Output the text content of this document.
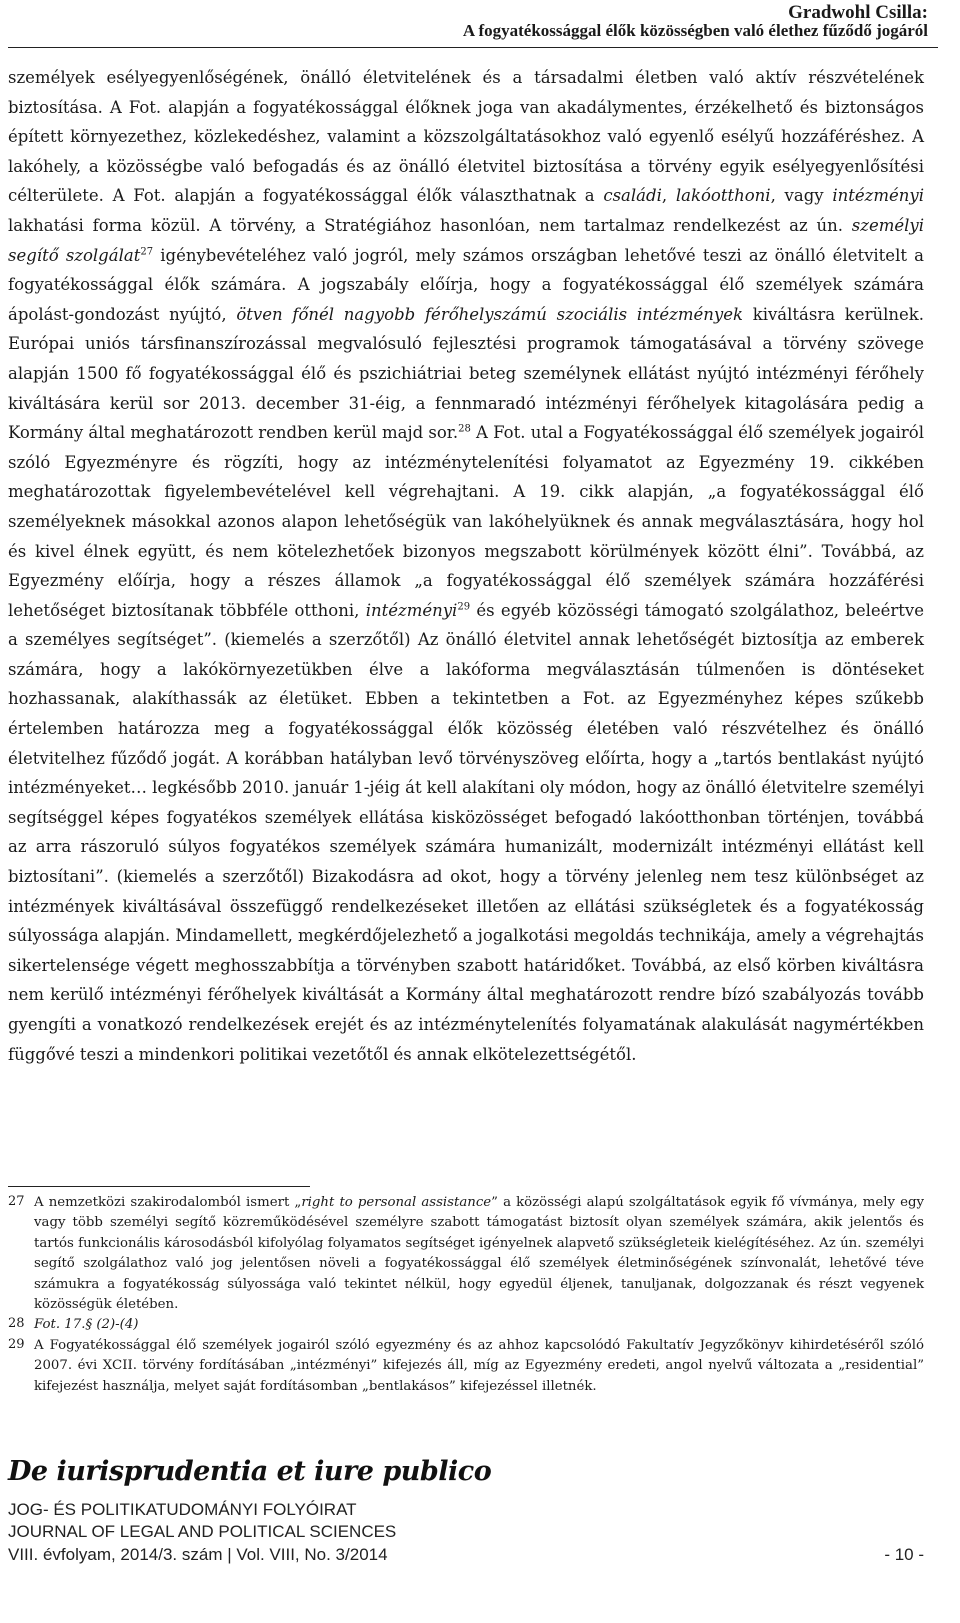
Gradwohl Csilla:
A fogyatékossággal élők közösségben való élethez fűződő jogáról

személyek esélyegyenlőségének, önálló életvitelének és a társadalmi életben való aktív részvételének biztosítása. A Fot. alapján a fogyatékossággal élőknek joga van akadálymentes, érzékelhető és biztonságos épített környezethez, közlekedéshez, valamint a közszolgáltatásokhoz való egyenlő esélyű hozzáféréshez. A lakóhely, a közösségbe való befogadás és az önálló életvitel biztosítása a törvény egyik esélyegyenlősítési célterülete. A Fot. alapján a fogyatékossággal élők választhatnak a családi, lakóotthoni, vagy intézményi lakhatási forma közül. A törvény, a Stratégiához hasonlóan, nem tartalmaz rendelkezést az ún. személyi segítő szolgálat$^{27}$ igénybevételéhez való jogról, mely számos országban lehetővé teszi az önálló életvitelt a fogyatékossággal élők számára. A jogszabály előírja, hogy a fogyatékossággal élő személyek számára ápolást-gondozást nyújtó, ötven főnél nagyobb férőhelyszámú szociális intézmények kiváltásra kerülnek. Európai uniós társfinanszírozással megvalósuló fejlesztési programok támogatásával a törvény szövege alapján 1500 fő fogyatékossággal élő és pszichiátriai beteg személynek ellátást nyújtó intézményi férőhely kiváltására kerül sor 2013. december 31-éig, a fennmaradó intézményi férőhelyek kitagolására pedig a Kormány által meghatározott rendben kerül majd sor.$^{28}$ A Fot. utal a Fogyatékossággal élő személyek jogairól szóló Egyezményre és rögzíti, hogy az intézménytelenítési folyamatot az Egyezmény 19. cikkében meghatározottak figyelembevételével kell végrehajtani. A 19. cikk alapján, „a fogyatékossággal élő személyeknek másokkal azonos alapon lehetőségük van lakóhelyüknek és annak megválasztására, hogy hol és kivel élnek együtt, és nem kötelezhetőek bizonyos megszabott körülmények között élni”. Továbbá, az Egyezmény előírja, hogy a részes államok „a fogyatékossággal élő személyek számára hozzáférési lehetőséget biztosítanak többféle otthoni, intézményi$^{29}$ és egyéb közösségi támogató szolgálathoz, beleértve a személyes segítséget”. (kiemelés a szerzőtől) Az önálló életvitel annak lehetőségét biztosítja az emberek számára, hogy a lakókörnyezetükben élve a lakóforma megválasztásán túlmenően is döntéseket hozhassanak, alakíthassák az életüket. Ebben a tekintetben a Fot. az Egyezményhez képes szűkebb értelemben határozza meg a fogyatékossággal élők közösség életében való részvételhez és önálló életvitelhez fűződő jogát. A korábban hatályban levő törvényszöveg előírta, hogy a „tartós bentlakást nyújtó intézményeket… legkésőbb 2010. január 1-jéig át kell alakítani oly módon, hogy az önálló életvitelre személyi segítséggel képes fogyatékos személyek ellátása kisközösséget befogadó lakóotthonban történjen, továbbá az arra rászoruló súlyos fogyatékos személyek számára humanizált, modernizált intézményi ellátást kell biztosítani”. (kiemelés a szerzőtől) Bizakodásra ad okot, hogy a törvény jelenleg nem tesz különbséget az intézmények kiváltásával összefüggő rendelkezéseket illetően az ellátási szükségletek és a fogyatékosság súlyossága alapján. Mindamellett, megkérdőjelezhető a jogalkotási megoldás technikája, amely a végrehajtás sikertelensége végett meghosszabbítja a törvényben szabott határidőket. Továbbá, az első körben kiváltásra nem kerülő intézményi férőhelyek kiváltását a Kormány által meghatározott rendre bízó szabályozás tovább gyengíti a vonatkozó rendelkezések erejét és az intézménytelenítés folyamatának alakulását nagymértékben függővé teszi a mindenkori politikai vezetőtől és annak elkötelezettségétől.

27 A nemzetközi szakirodalomból ismert „right to personal assistance” a közösségi alapú szolgáltatások egyik fő vívmánya, mely egy vagy több személyi segítő közreműködésével személyre szabott támogatást biztosít olyan személyek számára, akik jelentős és tartós funkcionális károsodásból kifolyólag folyamatos segítséget igényelnek alapvető szükségleteik kielégítéséhez. Az ún. személyi segítő szolgálathoz való jog jelentősen növeli a fogyatékossággal élő személyek életminőségének színvonalát, lehetővé téve számukra a fogyatékosság súlyossága való tekintet nélkül, hogy egyedül éljenek, tanuljanak, dolgozzanak és részt vegyenek közösségük életében.
28 Fot. 17.§ (2)-(4)
29 A Fogyatékossággal élő személyek jogairól szóló egyezmény és az ahhoz kapcsolódó Fakultatív Jegyzőkönyv kihirdetéséről szóló 2007. évi XCII. törvény fordításában „intézményi” kifejezés áll, míg az Egyezmény eredeti, angol nyelvű változata a „residential” kifejezést használja, melyet saját fordításomban „bentlakásos” kifejezéssel illetnék.
De iurisprudentia et iure publico
JOG- ÉS POLITIKATUDOMÁNYI FOLYÓIRAT
JOURNAL OF LEGAL AND POLITICAL SCIENCES
VIII. évfolyam, 2014/3. szám | Vol. VIII, No. 3/2014	- 10 -
